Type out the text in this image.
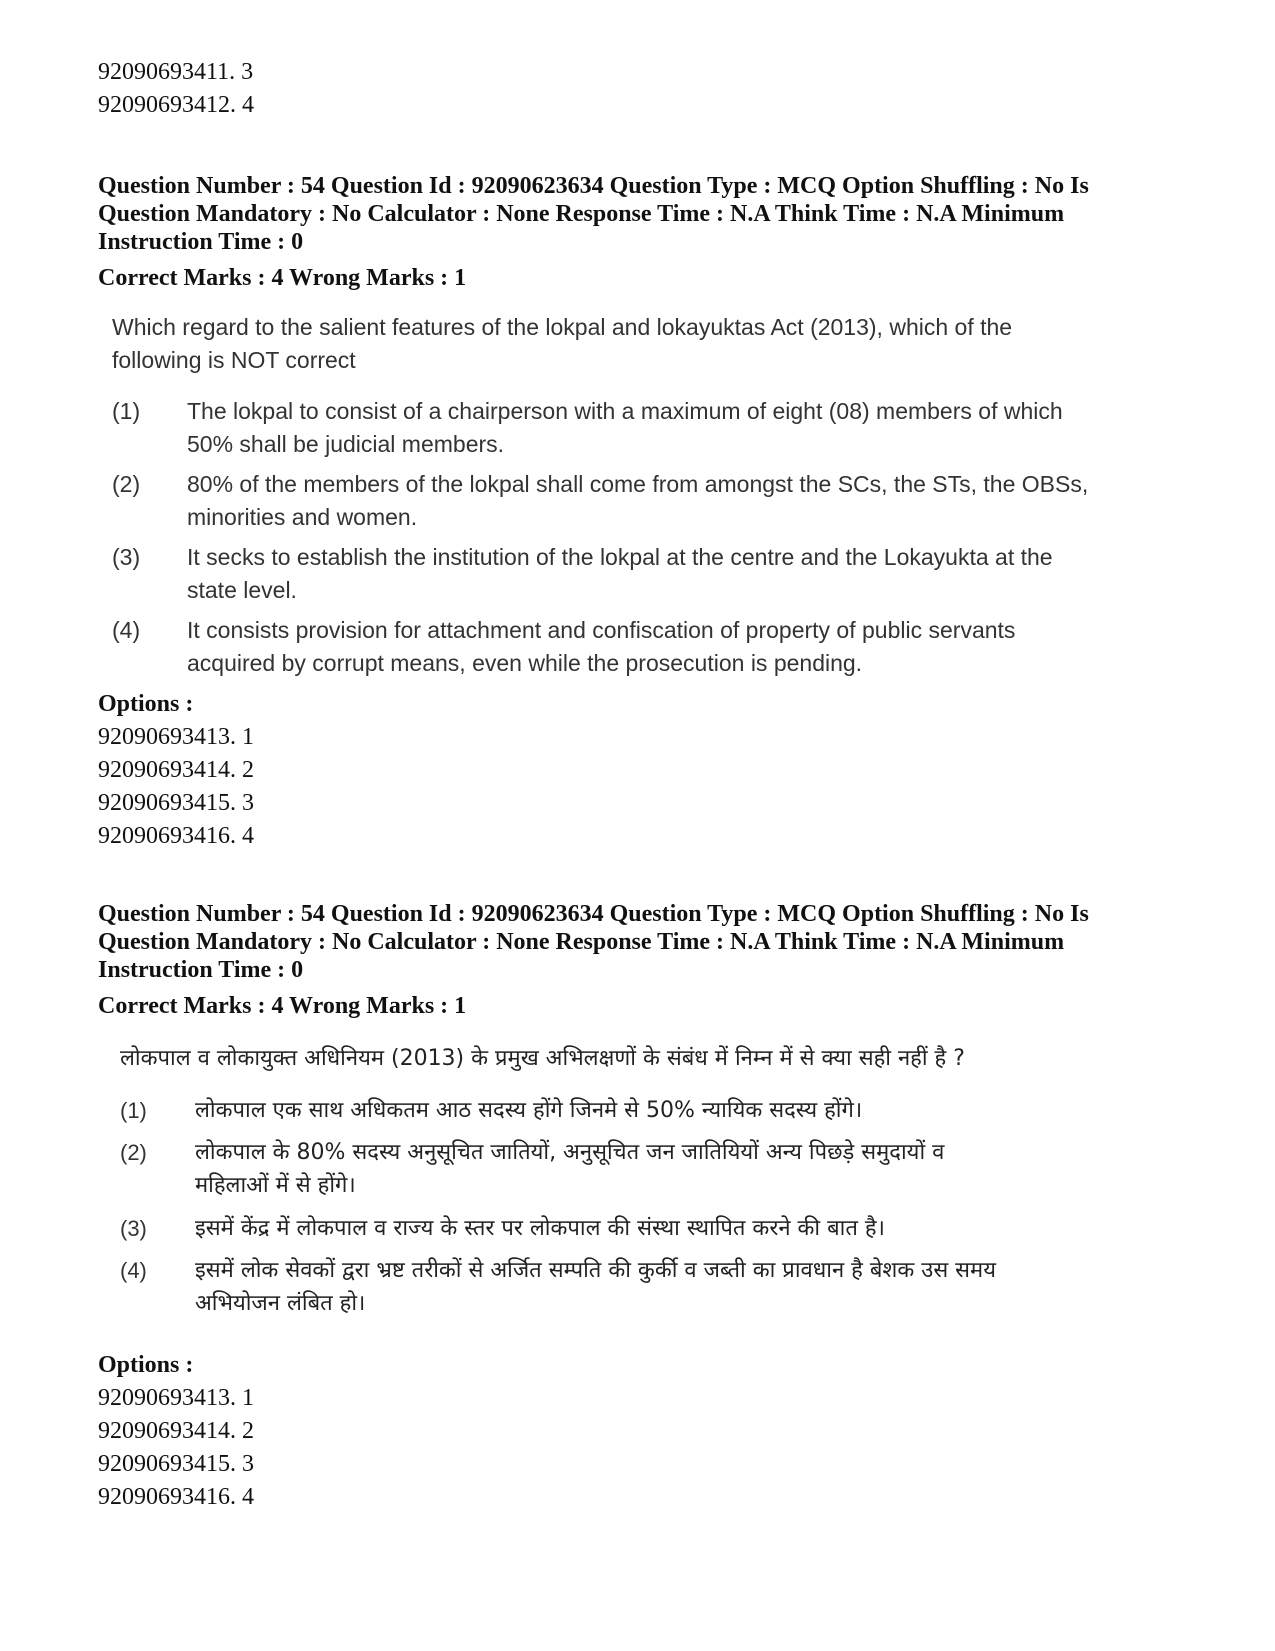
92090693411. 3
92090693412. 4
Question Number : 54 Question Id : 92090623634 Question Type : MCQ Option Shuffling : No Is
Question Mandatory : No Calculator : None Response Time : N.A Think Time : N.A Minimum
Instruction Time : 0
Correct Marks : 4 Wrong Marks : 1
Which regard to the salient features of the lokpal and lokayuktas Act (2013), which of the
following is NOT correct
(1)	The lokpal to consist of a chairperson with a maximum of eight (08) members of which
50% shall be judicial members.
(2)	80% of the members of the lokpal shall come from amongst the SCs, the STs, the OBSs,
minorities and women.
(3)	It secks to establish the institution of the lokpal at the centre and the Lokayukta at the
state level.
(4)	It consists provision for attachment and confiscation of property of public servants
acquired by corrupt means, even while the prosecution is pending.
Options :
92090693413. 1
92090693414. 2
92090693415. 3
92090693416. 4
Question Number : 54 Question Id : 92090623634 Question Type : MCQ Option Shuffling : No Is
Question Mandatory : No Calculator : None Response Time : N.A Think Time : N.A Minimum
Instruction Time : 0
Correct Marks : 4 Wrong Marks : 1
लोकपाल व लोकायुक्त अधिनियम (2013) के प्रमुख अभिलक्षणों के संबंध में निम्न में से क्या सही नहीं है ?
(1)	लोकपाल एक साथ अधिकतम आठ सदस्य होंगे जिनमे से 50% न्यायिक सदस्य होंगे।
(2)	लोकपाल के 80% सदस्य अनुसूचित जातियों, अनुसूचित जन जातियियों अन्य पिछड़े समुदायों व
महिलाओं में से होंगे।
(3)	इसमें केंद्र में लोकपाल व राज्य के स्तर पर लोकपाल की संस्था स्थापित करने की बात है।
(4)	इसमें लोक सेवकों द्वरा भ्रष्ट तरीकों से अर्जित सम्पति की कुर्की व जब्ती का प्रावधान है बेशक उस समय
अभियोजन लंबित हो।
Options :
92090693413. 1
92090693414. 2
92090693415. 3
92090693416. 4
